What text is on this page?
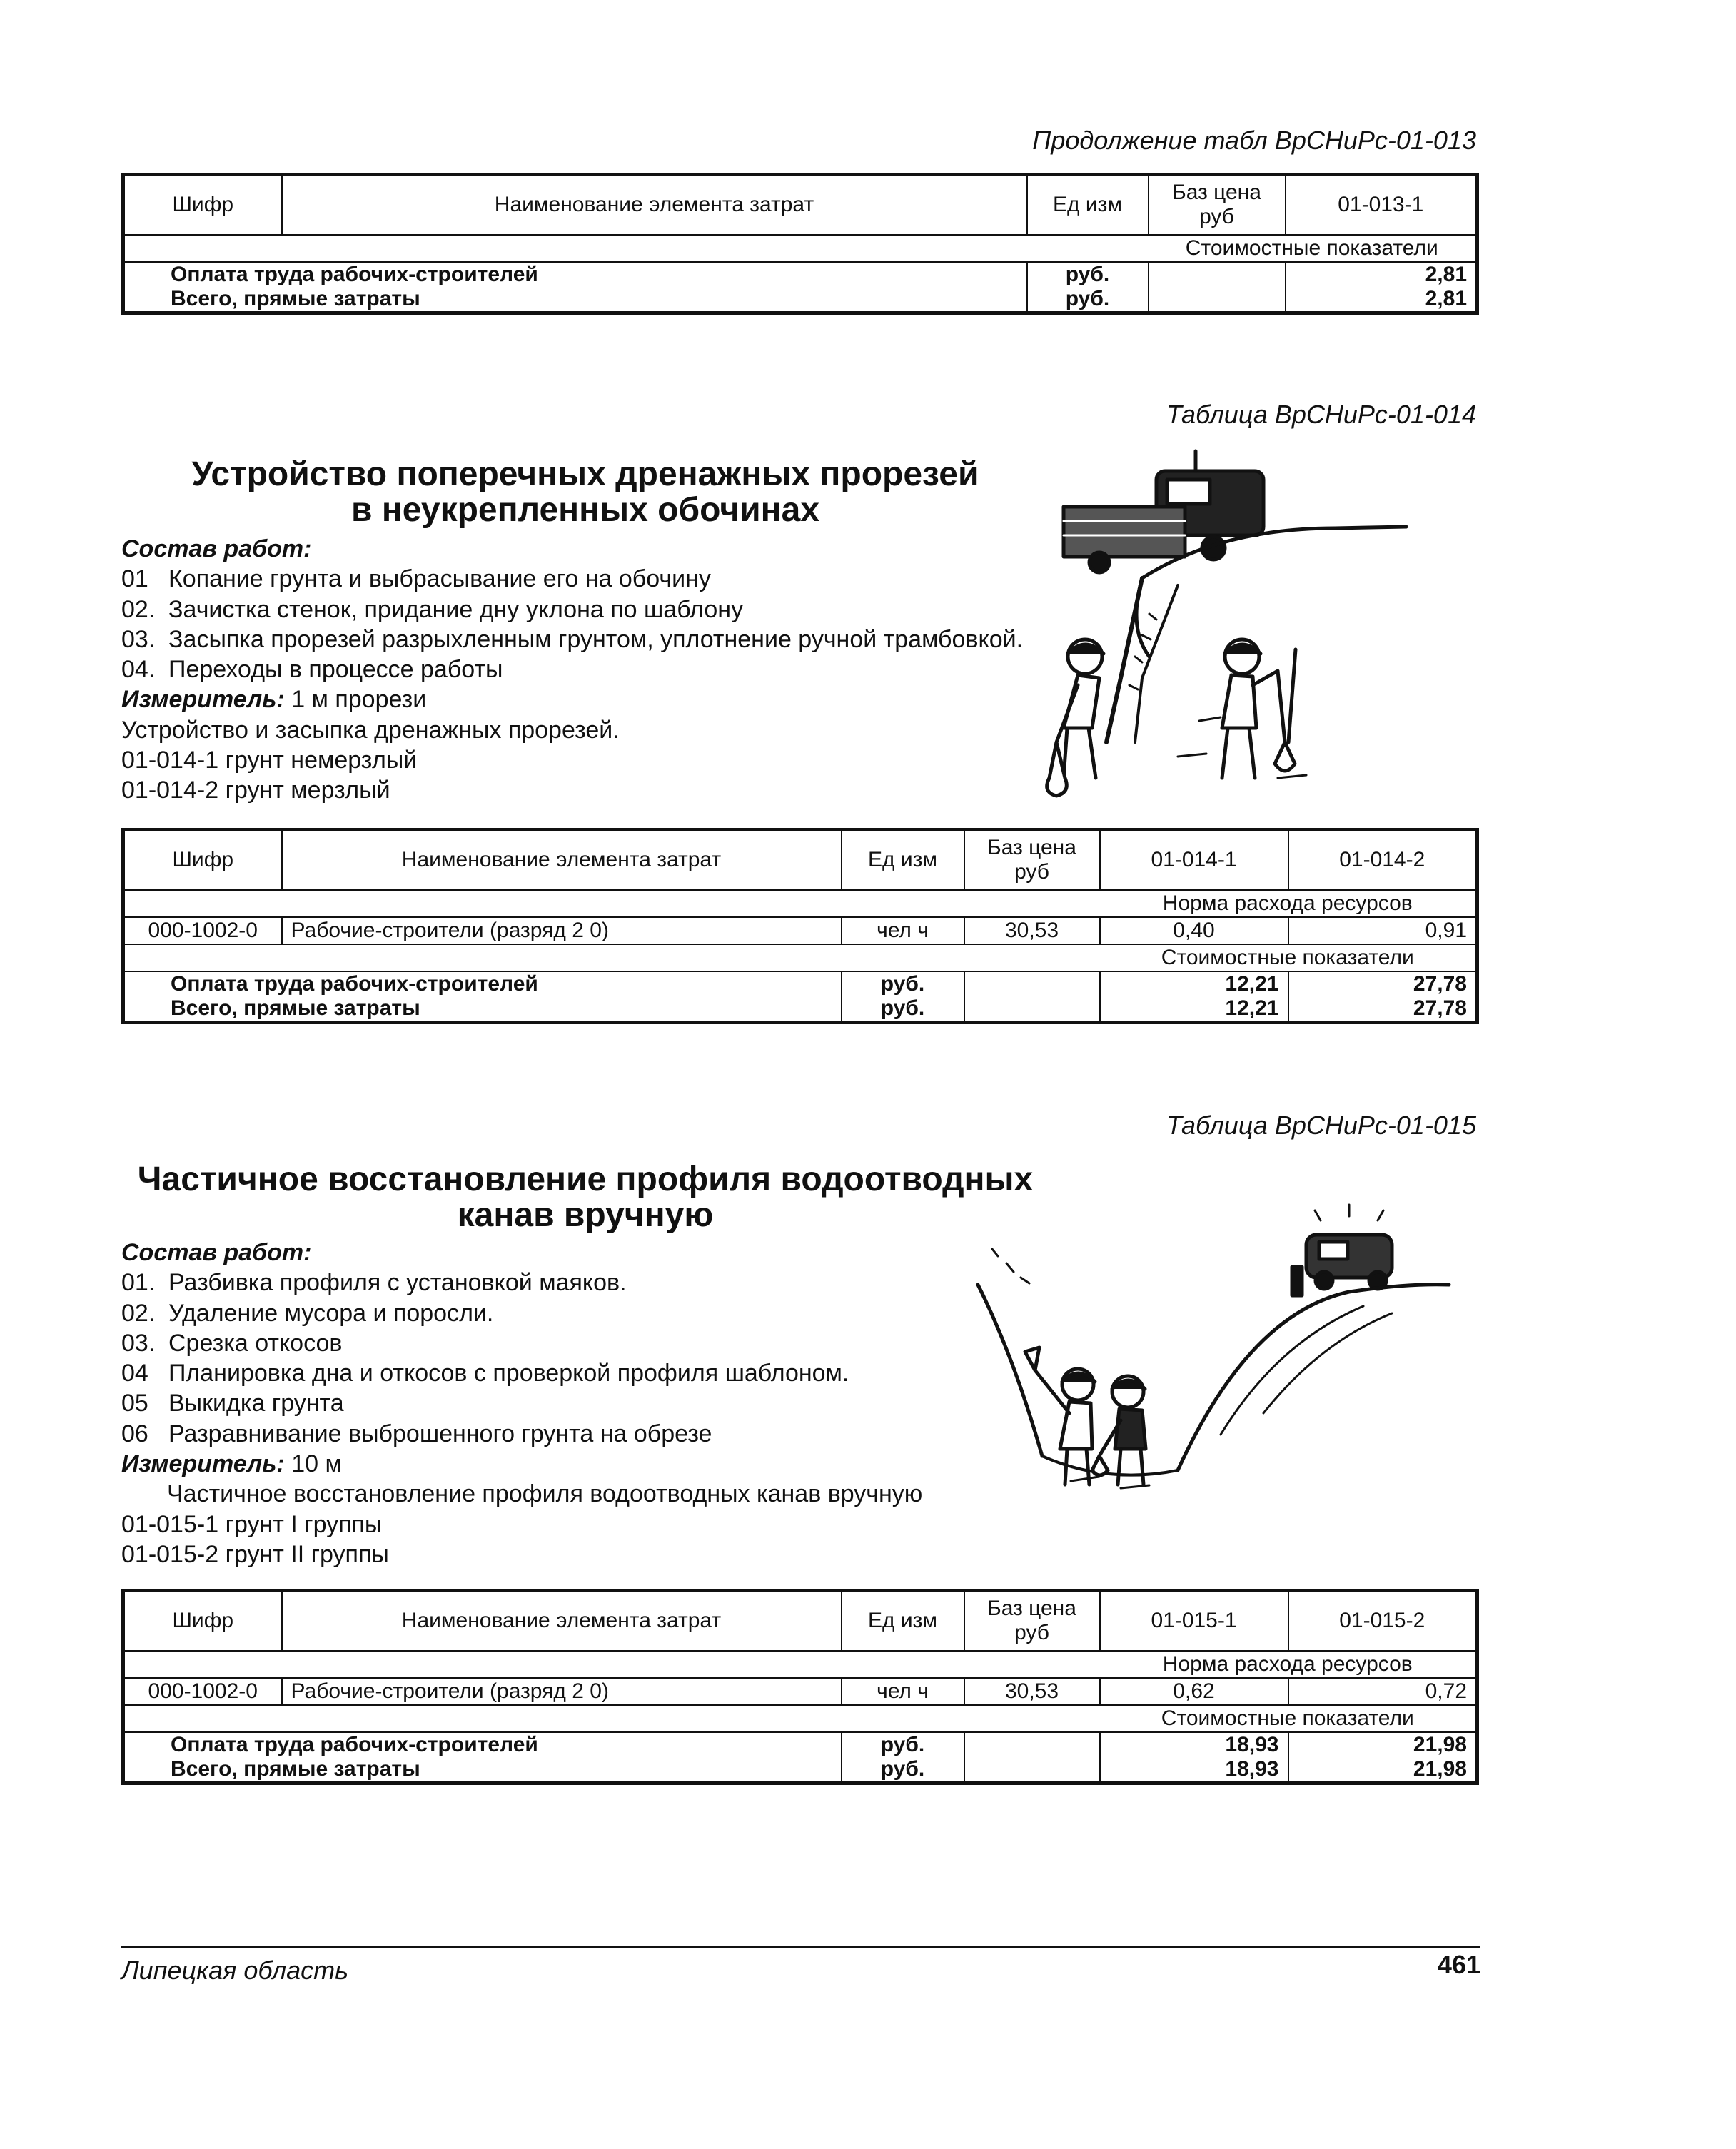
Продолжение табл ВрСНиРс-01-013
Шифр	Наименование элемента затрат	Ед изм	Баз цена руб	01-013-1
			Стоимостные показатели	
Оплата труда рабочих-строителей		руб.		2,81
Всего, прямые затраты		руб.		2,81
Таблица ВрСНиРс-01-014
Устройство поперечных дренажных прорезей
в неукрепленных обочинах
Состав работ:
01 Копание грунта и выбрасывание его на обочину
02. Зачистка стенок, придание дну уклона по шаблону
03. Засыпка прорезей разрыхленным грунтом, уплотнение ручной трамбовкой.
04. Переходы в процессе работы
Измеритель: 1 м прорези
Устройство и засыпка дренажных прорезей.
01-014-1 грунт немерзлый
01-014-2 грунт мерзлый
Шифр	Наименование элемента затрат	Ед изм	Баз цена руб	01-014-1	01-014-2
				Норма расхода ресурсов	
000-1002-0	Рабочие-строители (разряд 2 0)	чел ч	30,53	0,40	0,91
				Стоимостные показатели	
Оплата труда рабочих-строителей		руб.		12,21	27,78
Всего, прямые затраты		руб.		12,21	27,78
Таблица ВрСНиРс-01-015
Частичное восстановление профиля водоотводных
канав вручную
Состав работ:
01. Разбивка профиля с установкой маяков.
02. Удаление мусора и поросли.
03. Срезка откосов
04 Планировка дна и откосов с проверкой профиля шаблоном.
05 Выкидка грунта
06 Разравнивание выброшенного грунта на обрезе
Измеритель: 10 м
Частичное восстановление профиля водоотводных канав вручную
01-015-1 грунт I группы
01-015-2 грунт II группы
Шифр	Наименование элемента затрат	Ед изм	Баз цена руб	01-015-1	01-015-2
				Норма расхода ресурсов	
000-1002-0	Рабочие-строители (разряд 2 0)	чел ч	30,53	0,62	0,72
				Стоимостные показатели	
Оплата труда рабочих-строителей		руб.		18,93	21,98
Всего, прямые затраты		руб.		18,93	21,98
Липецкая область	461
